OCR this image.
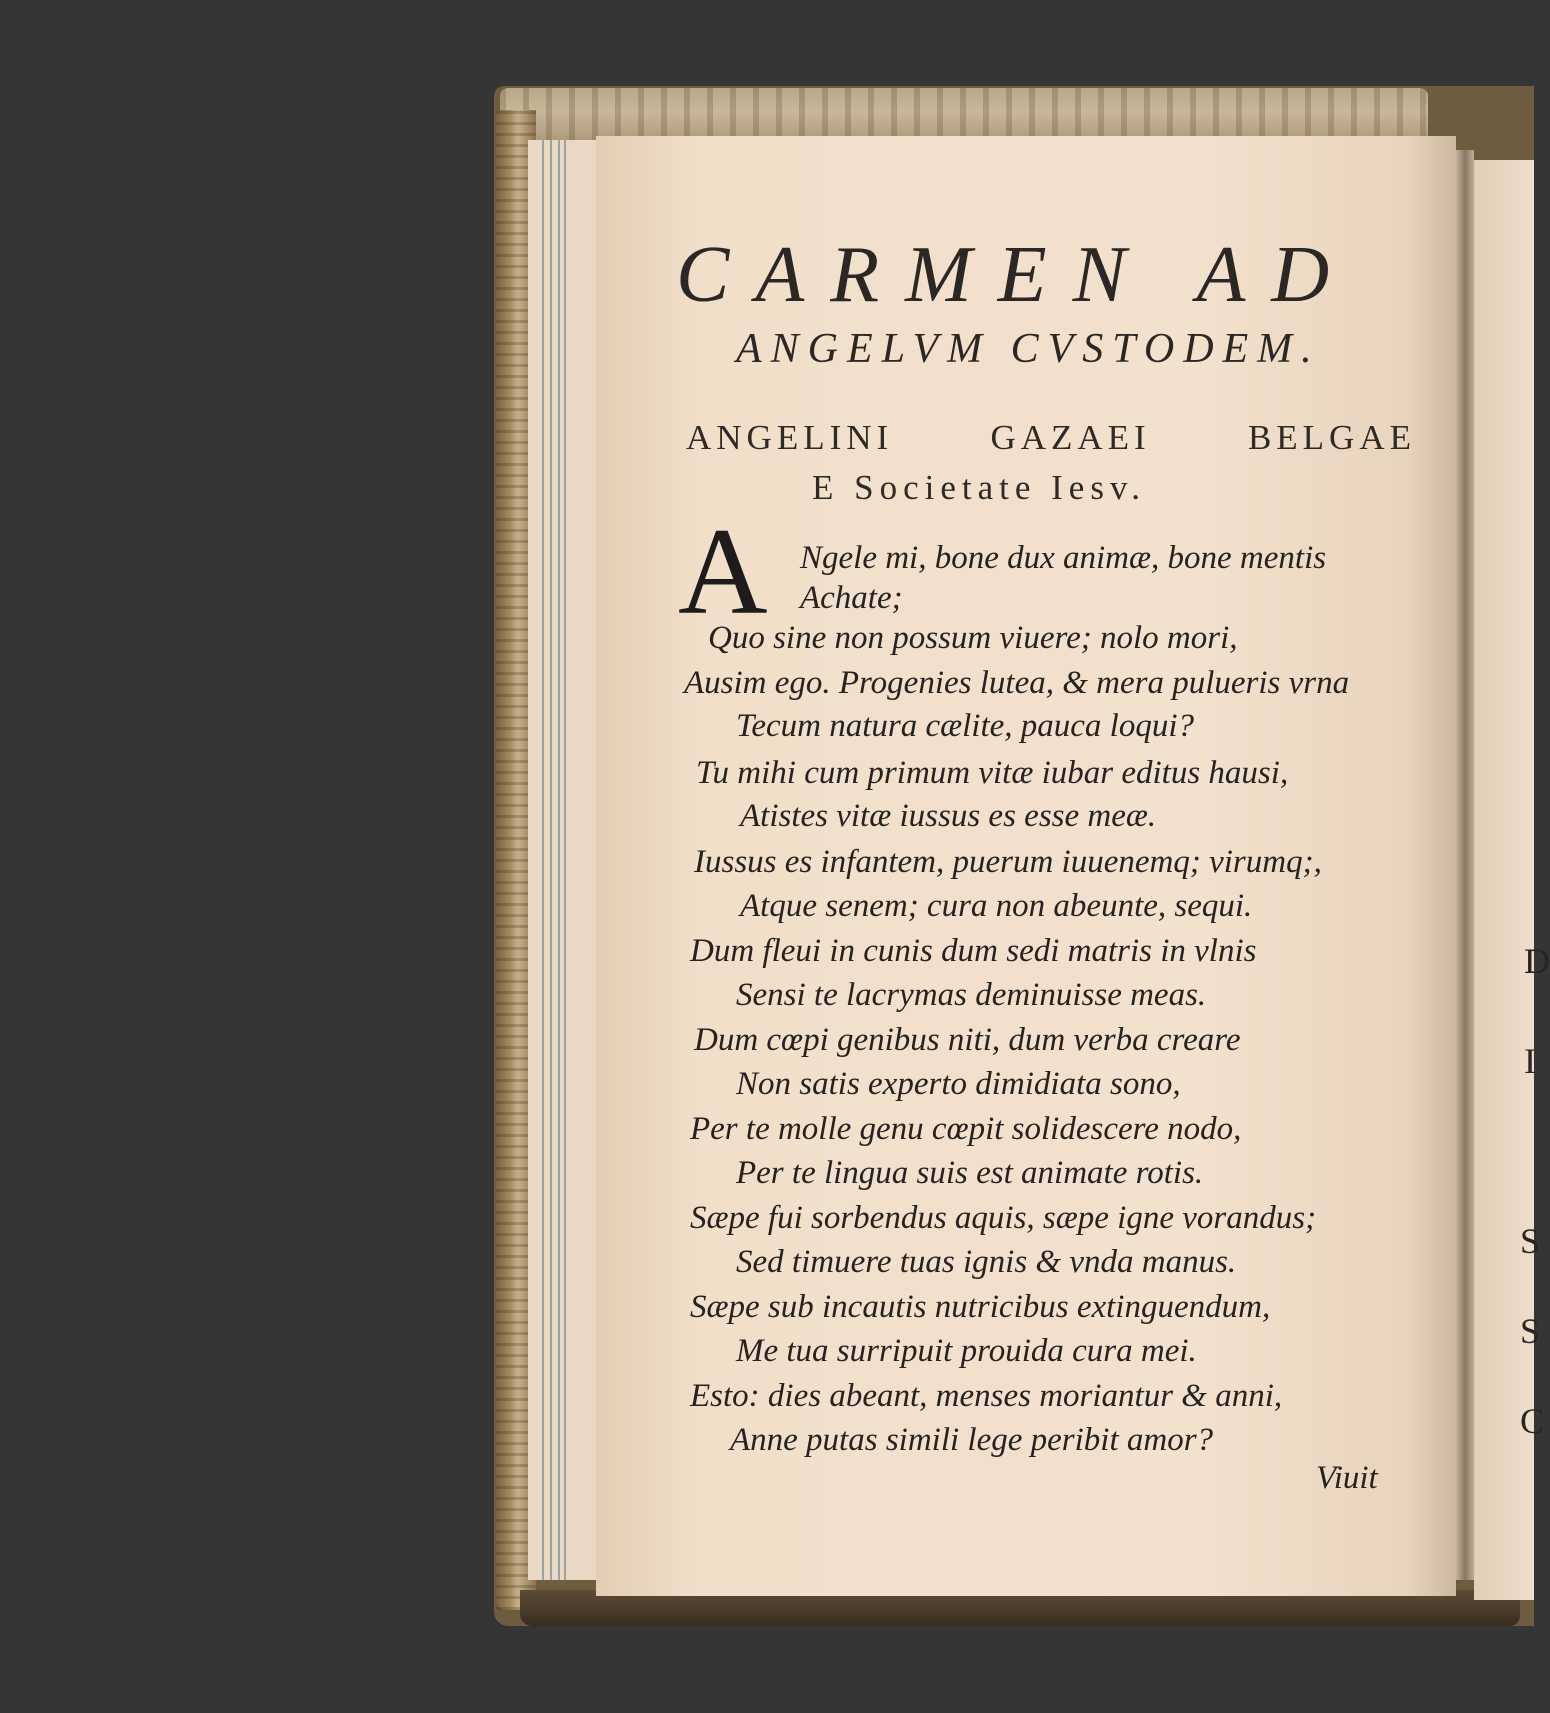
D
I
S
S
C
CARMEN AD
ANGELVM CVSTODEM.
ANGELINI	GAZAEI	BELGAE
E Societate Iesv.
A Ngele mi, bone dux animæ, bone mentis
Achate;
Quo sine non possum viuere; nolo mori,
Ausim ego. Progenies lutea, & mera pulueris vrna
Tecum natura cælite, pauca loqui?
Tu mihi cum primum vitæ iubar editus hausi,
Atistes vitæ iussus es esse meæ.
Iussus es infantem, puerum iuuenemq; virumq;,
Atque senem; cura non abeunte, sequi.
Dum fleui in cunis dum sedi matris in vlnis
Sensi te lacrymas deminuisse meas.
Dum cœpi genibus niti, dum verba creare
Non satis experto dimidiata sono,
Per te molle genu cœpit solidescere nodo,
Per te lingua suis est animate rotis.
Sæpe fui sorbendus aquis, sæpe igne vorandus;
Sed timuere tuas ignis & vnda manus.
Sæpe sub incautis nutricibus extinguendum,
Me tua surripuit prouida cura mei.
Esto: dies abeant, menses moriantur & anni,
Anne putas simili lege peribit amor?
Viuit
